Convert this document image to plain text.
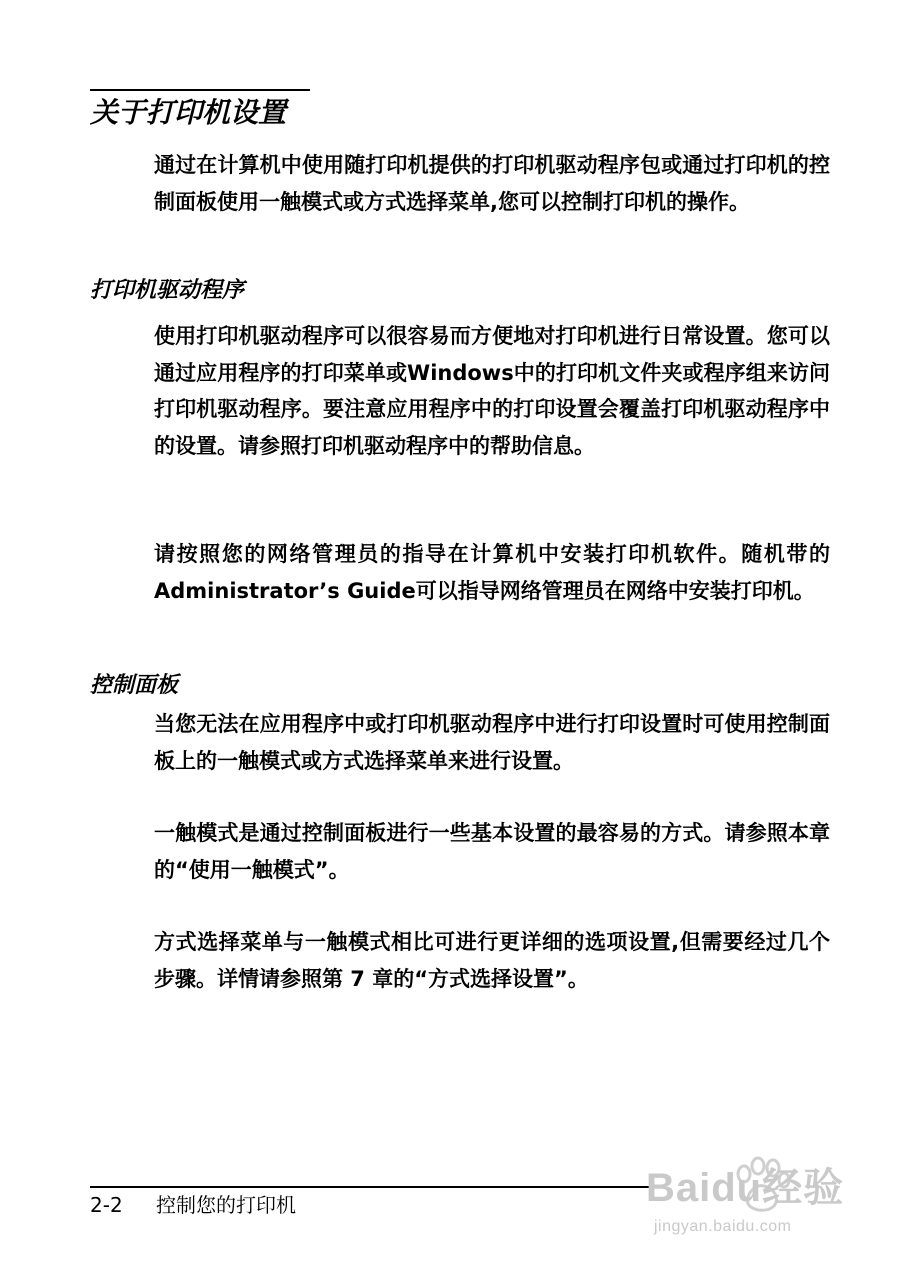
关于打印机设置

通过在计算机中使用随打印机提供的打印机驱动程序包或通过打印机的控制面板使用一触模式或方式选择菜单,您可以控制打印机的操作。

打印机驱动程序

使用打印机驱动程序可以很容易而方便地对打印机进行日常设置。您可以通过应用程序的打印菜单或Windows中的打印机文件夹或程序组来访问打印机驱动程序。要注意应用程序中的打印设置会覆盖打印机驱动程序中的设置。请参照打印机驱动程序中的帮助信息。

请按照您的网络管理员的指导在计算机中安装打印机软件。随机带的Administrator’s Guide可以指导网络管理员在网络中安装打印机。

控制面板

当您无法在应用程序中或打印机驱动程序中进行打印设置时可使用控制面板上的一触模式或方式选择菜单来进行设置。

一触模式是通过控制面板进行一些基本设置的最容易的方式。请参照本章的“使用一触模式”。

方式选择菜单与一触模式相比可进行更详细的选项设置,但需要经过几个步骤。详情请参照第 7 章的“方式选择设置”。

2-2 控制您的打印机	Baidu经验
jingyan.baidu.com
